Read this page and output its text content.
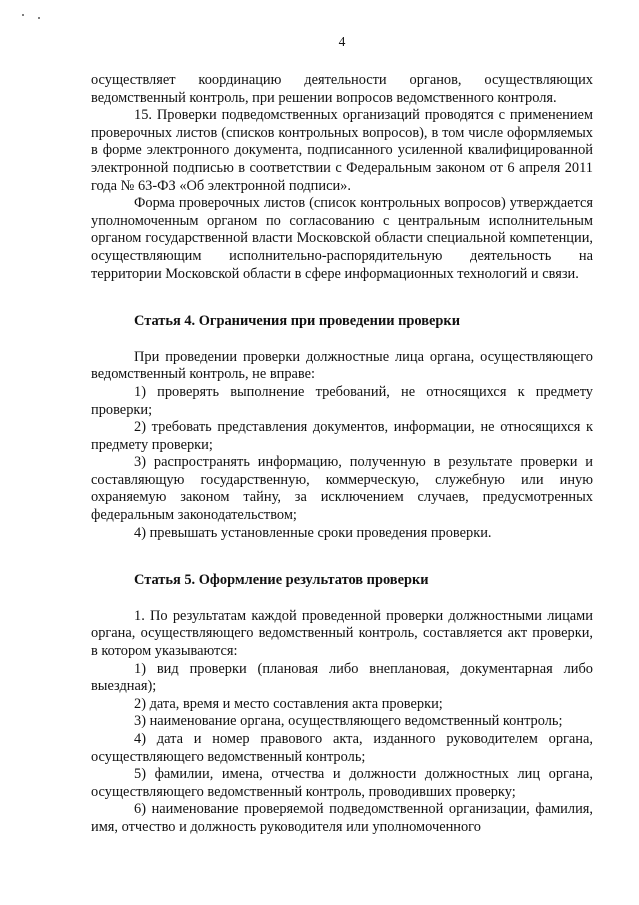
4

осуществляет координацию деятельности органов, осуществляющих ведомственный контроль, при решении вопросов ведомственного контроля.

15. Проверки подведомственных организаций проводятся с применением проверочных листов (списков контрольных вопросов), в том числе оформляемых в форме электронного документа, подписанного усиленной квалифицированной электронной подписью в соответствии с Федеральным законом от 6 апреля 2011 года № 63-ФЗ «Об электронной подписи».

Форма проверочных листов (список контрольных вопросов) утверждается уполномоченным органом по согласованию с центральным исполнительным органом государственной власти Московской области специальной компетенции, осуществляющим исполнительно-распорядительную деятельность на территории Московской области в сфере информационных технологий и связи.

Статья 4. Ограничения при проведении проверки

При проведении проверки должностные лица органа, осуществляющего ведомственный контроль, не вправе:

1) проверять выполнение требований, не относящихся к предмету проверки;

2) требовать представления документов, информации, не относящихся к предмету проверки;

3) распространять информацию, полученную в результате проверки и составляющую государственную, коммерческую, служебную или иную охраняемую законом тайну, за исключением случаев, предусмотренных федеральным законодательством;

4) превышать установленные сроки проведения проверки.

Статья 5. Оформление результатов проверки

1. По результатам каждой проведенной проверки должностными лицами органа, осуществляющего ведомственный контроль, составляется акт проверки, в котором указываются:

1) вид проверки (плановая либо внеплановая, документарная либо выездная);

2) дата, время и место составления акта проверки;

3) наименование органа, осуществляющего ведомственный контроль;

4) дата и номер правового акта, изданного руководителем органа, осуществляющего ведомственный контроль;

5) фамилии, имена, отчества и должности должностных лиц органа, осуществляющего ведомственный контроль, проводивших проверку;

6) наименование проверяемой подведомственной организации, фамилия, имя, отчество и должность руководителя или уполномоченного
